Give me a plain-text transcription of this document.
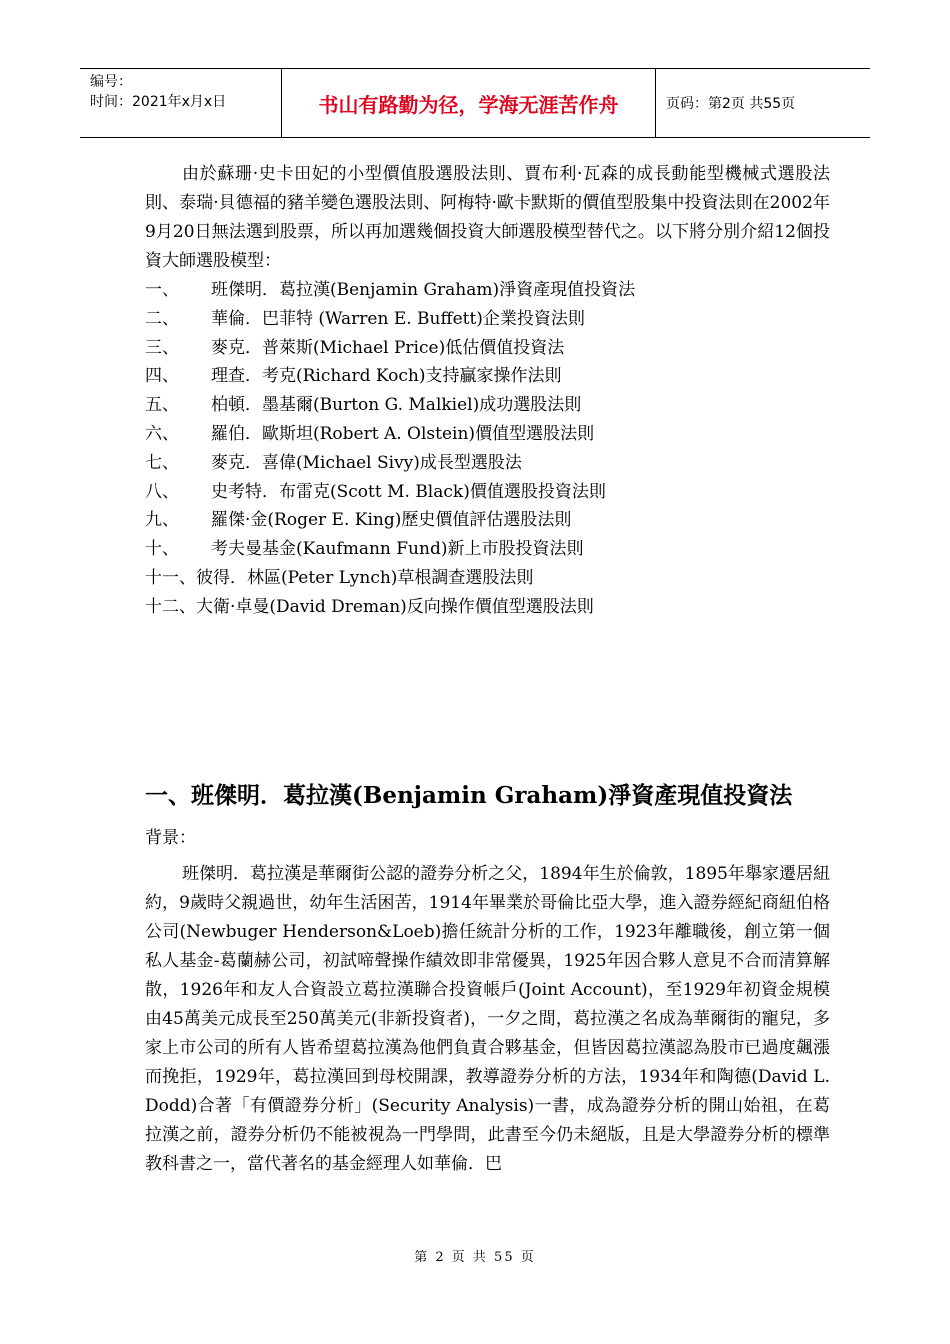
编号：
时间：2021年x月x日	书山有路勤为径，学海无涯苦作舟	页码：第2页 共55页

由於蘇珊·史卡田妃的小型價值股選股法則、賈布利·瓦森的成長動能型機械式選股法則、泰瑞·貝德福的豬羊變色選股法則、阿梅特·歐卡默斯的價值型股集中投資法則在2002年9月20日無法選到股票，所以再加選幾個投資大師選股模型替代之。以下將分別介紹12個投資大師選股模型：

一、 班傑明．葛拉漢(Benjamin Graham)淨資產現值投資法
二、 華倫．巴菲特 (Warren E. Buffett)企業投資法則
三、 麥克．普萊斯(Michael Price)低估價值投資法
四、 理查．考克(Richard Koch)支持贏家操作法則
五、 柏頓．墨基爾(Burton G. Malkiel)成功選股法則
六、 羅伯．歐斯坦(Robert A. Olstein)價值型選股法則
七、 麥克．喜偉(Michael Sivy)成長型選股法
八、 史考特．布雷克(Scott M. Black)價值選股投資法則
九、 羅傑·金(Roger E. King)歷史價值評估選股法則
十、 考夫曼基金(Kaufmann Fund)新上市股投資法則
十一、彼得．林區(Peter Lynch)草根調查選股法則
十二、大衛·卓曼(David Dreman)反向操作價值型選股法則
一、班傑明．葛拉漢(Benjamin Graham)淨資產現值投資法

背景：

班傑明．葛拉漢是華爾街公認的證券分析之父，1894年生於倫敦，1895年舉家遷居紐約，9歲時父親過世，幼年生活困苦，1914年畢業於哥倫比亞大學，進入證券經紀商紐伯格公司(Newbuger Henderson&Loeb)擔任統計分析的工作，1923年離職後，創立第一個私人基金-葛蘭赫公司，初試啼聲操作績效即非常優異，1925年因合夥人意見不合而清算解散，1926年和友人合資設立葛拉漢聯合投資帳戶(Joint Account)，至1929年初資金規模由45萬美元成長至250萬美元(非新投資者)，一夕之間，葛拉漢之名成為華爾街的寵兒，多家上市公司的所有人皆希望葛拉漢為他們負責合夥基金，但皆因葛拉漢認為股市已過度飆漲而挽拒，1929年，葛拉漢回到母校開課，教導證券分析的方法，1934年和陶德(David L. Dodd)合著「有價證券分析」(Security Analysis)一書，成為證券分析的開山始祖，在葛拉漢之前，證券分析仍不能被視為一門學問，此書至今仍未絕版，且是大學證券分析的標準教科書之一，當代著名的基金經理人如華倫．巴

第 2 页 共 55 页
